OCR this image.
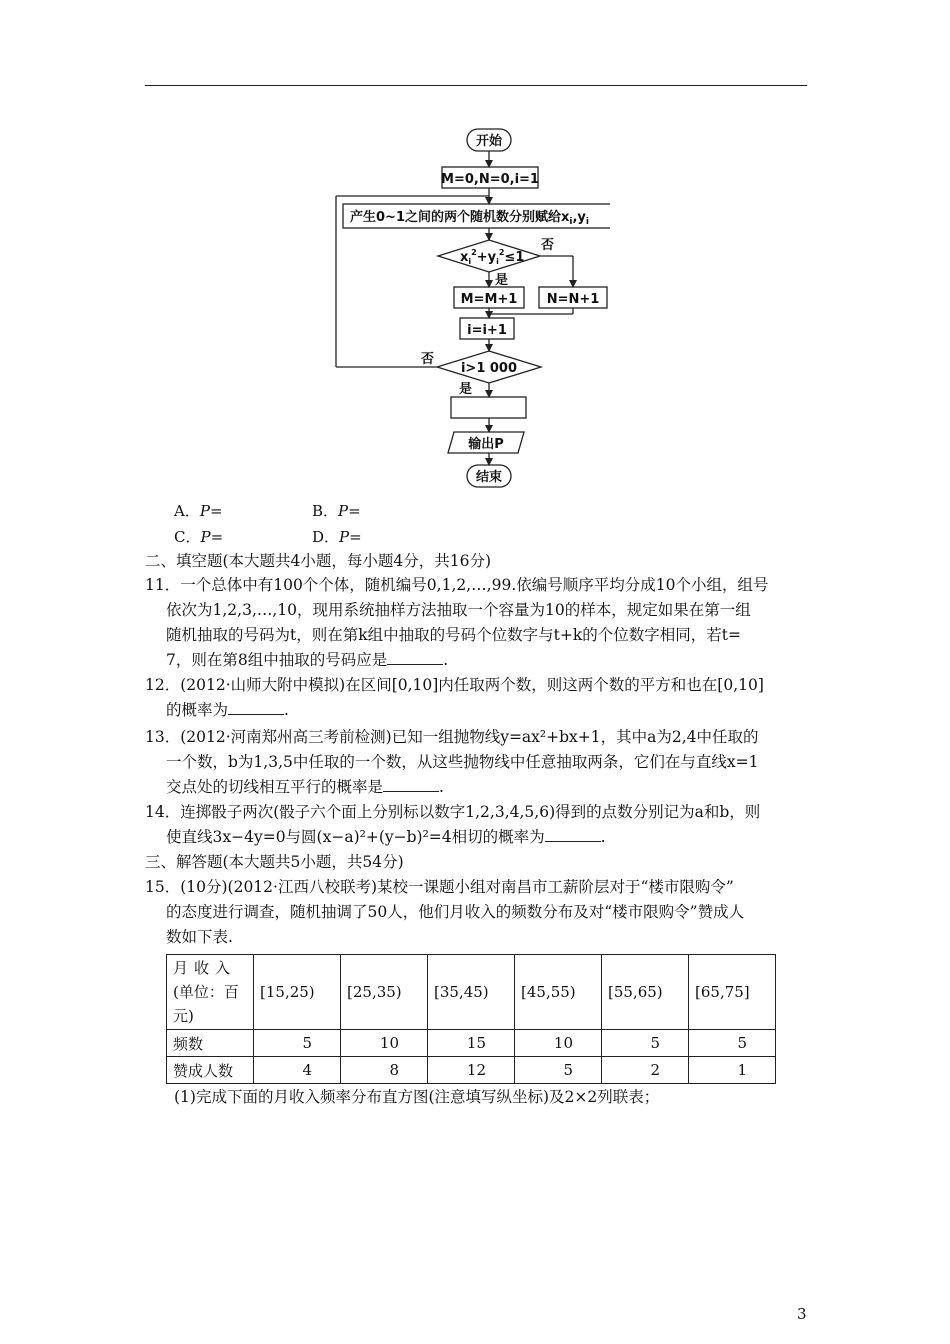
开始
M=0,N=0,i=1
产生0~1之间的两个随机数分别赋给$x_i,y_i$
$x_i^2+y_i^2\le 1$
否
是
M=M+1 N=N+1
i=i+1
i>1 000
否
是
输出P
结束
A．P=	B．P=
C．P=	D．P=
二、填空题(本大题共4小题，每小题4分，共16分)
11．一个总体中有100个个体，随机编号0,1,2,…,99.依编号顺序平均分成10个小组，组号
依次为1,2,3,…,10，现用系统抽样方法抽取一个容量为10的样本，规定如果在第一组
随机抽取的号码为t，则在第k组中抽取的号码个位数字与t+k的个位数字相同，若t=
7，则在第8组中抽取的号码应是	.
12．(2012·山师大附中模拟)在区间[0,10]内任取两个数，则这两个数的平方和也在[0,10]
的概率为	.
13．(2012·河南郑州高三考前检测)已知一组抛物线y=ax²+bx+1，其中a为2,4中任取的
一个数，b为1,3,5中任取的一个数，从这些抛物线中任意抽取两条，它们在与直线x=1
交点处的切线相互平行的概率是	.
14．连掷骰子两次(骰子六个面上分别标以数字1,2,3,4,5,6)得到的点数分别记为a和b，则
使直线3x−4y=0与圆(x−a)²+(y−b)²=4相切的概率为	.
三、解答题(本大题共5小题，共54分)
15．(10分)(2012·江西八校联考)某校一课题小组对南昌市工薪阶层对于“楼市限购令”
的态度进行调查，随机抽调了50人，他们月收入的频数分布及对“楼市限购令”赞成人
数如下表.
月收入
(单位：百
元)	[15,25)	[25,35)	[35,45)	[45,55)	[55,65)	[65,75]
频数	5	10	15	10	5	5
赞成人数	4	8	12	5	2	1
(1)完成下面的月收入频率分布直方图(注意填写纵坐标)及2×2列联表；
3
